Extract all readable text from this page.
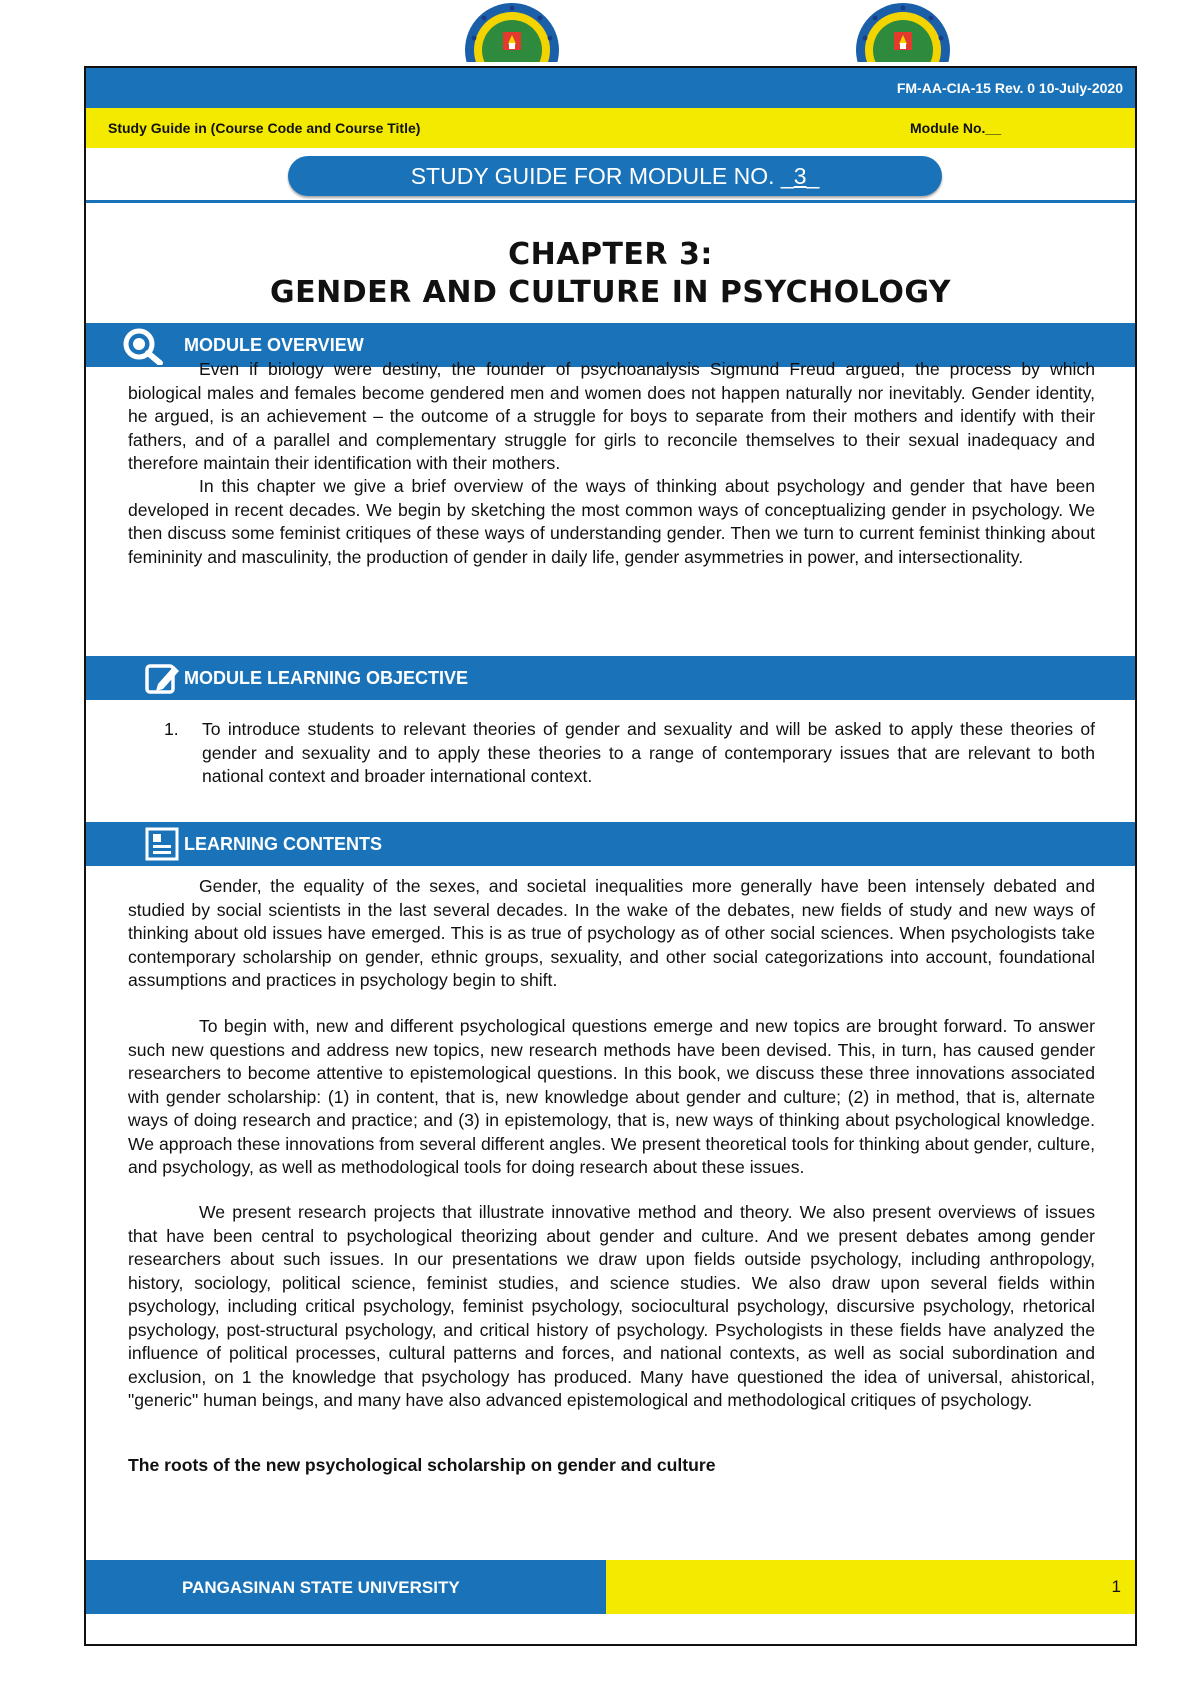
FM-AA-CIA-15 Rev. 0 10-July-2020
Study Guide in (Course Code and Course Title)	Module No.__
STUDY GUIDE FOR MODULE NO. _ 3 _
CHAPTER 3:
GENDER AND CULTURE IN PSYCHOLOGY
MODULE OVERVIEW

Even if biology were destiny, the founder of psychoanalysis Sigmund Freud argued, the process by which biological males and females become gendered men and women does not happen naturally nor inevitably. Gender identity, he argued, is an achievement – the outcome of a struggle for boys to separate from their mothers and identify with their fathers, and of a parallel and complementary struggle for girls to reconcile themselves to their sexual inadequacy and therefore maintain their identification with their mothers.

In this chapter we give a brief overview of the ways of thinking about psychology and gender that have been developed in recent decades. We begin by sketching the most common ways of conceptualizing gender in psychology. We then discuss some feminist critiques of these ways of understanding gender. Then we turn to current feminist thinking about femininity and masculinity, the production of gender in daily life, gender asymmetries in power, and intersectionality.

MODULE LEARNING OBJECTIVE
1. To introduce students to relevant theories of gender and sexuality and will be asked to apply these theories of gender and sexuality and to apply these theories to a range of contemporary issues that are relevant to both national context and broader international context.

LEARNING CONTENTS

Gender, the equality of the sexes, and societal inequalities more generally have been intensely debated and studied by social scientists in the last several decades. In the wake of the debates, new fields of study and new ways of thinking about old issues have emerged. This is as true of psychology as of other social sciences. When psychologists take contemporary scholarship on gender, ethnic groups, sexuality, and other social categorizations into account, foundational assumptions and practices in psychology begin to shift.

To begin with, new and different psychological questions emerge and new topics are brought forward. To answer such new questions and address new topics, new research methods have been devised. This, in turn, has caused gender researchers to become attentive to epistemological questions. In this book, we discuss these three innovations associated with gender scholarship: (1) in content, that is, new knowledge about gender and culture; (2) in method, that is, alternate ways of doing research and practice; and (3) in epistemology, that is, new ways of thinking about psychological knowledge. We approach these innovations from several different angles. We present theoretical tools for thinking about gender, culture, and psychology, as well as methodological tools for doing research about these issues.

We present research projects that illustrate innovative method and theory. We also present overviews of issues that have been central to psychological theorizing about gender and culture. And we present debates among gender researchers about such issues. In our presentations we draw upon fields outside psychology, including anthropology, history, sociology, political science, feminist studies, and science studies. We also draw upon several fields within psychology, including critical psychology, feminist psychology, sociocultural psychology, discursive psychology, rhetorical psychology, post-structural psychology, and critical history of psychology. Psychologists in these fields have analyzed the influence of political processes, cultural patterns and forces, and national contexts, as well as social subordination and exclusion, on 1 the knowledge that psychology has produced. Many have questioned the idea of universal, ahistorical, "generic" human beings, and many have also advanced epistemological and methodological critiques of psychology.

The roots of the new psychological scholarship on gender and culture
PANGASINAN STATE UNIVERSITY	1
